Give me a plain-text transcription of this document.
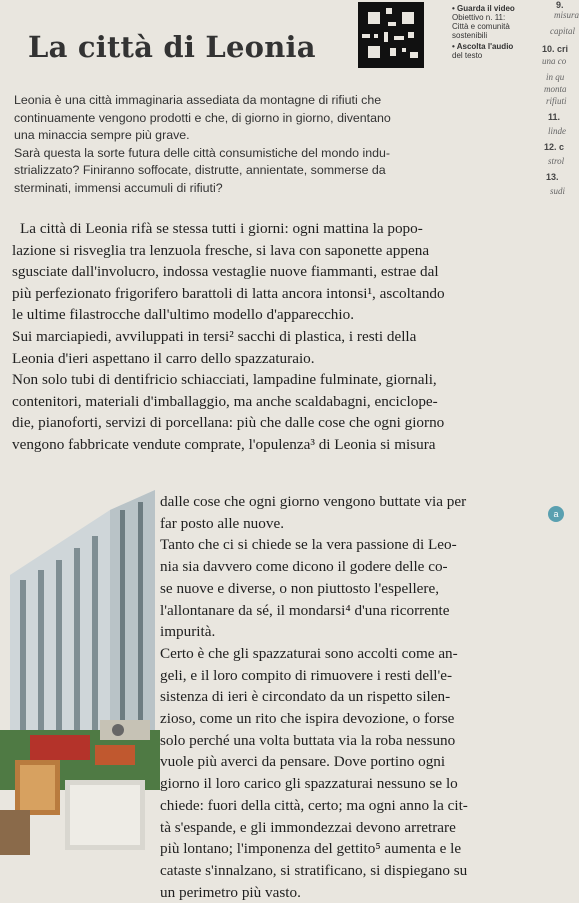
La città di Leonia
• Guarda il video
Obiettivo n. 11:
Città e comunità
sostenibili
• Ascolta l'audio
del testo
9.
misura
capital
10. cri
una co
in qu
monta
rifiuti
11.
linde
12. c
strol
13.
sudi

Leonia è una città immaginaria assediata da montagne di rifiuti che

continuamente vengono prodotti e che, di giorno in giorno, diventano

una minaccia sempre più grave.

Sarà questa la sorte futura delle città consumistiche del mondo indu-

strializzato? Finiranno soffocate, distrutte, annientate, sommerse da

sterminati, immensi accumuli di rifiuti?

La città di Leonia rifà se stessa tutti i giorni: ogni mattina la popo-
lazione si risveglia tra lenzuola fresche, si lava con saponette appena
sgusciate dall'involucro, indossa vestaglie nuove fiammanti, estrae dal
più perfezionato frigorifero barattoli di latta ancora intonsi¹, ascoltando
le ultime filastrocche dall'ultimo modello d'apparecchio.
Sui marciapiedi, avviluppati in tersi² sacchi di plastica, i resti della
Leonia d'ieri aspettano il carro dello spazzaturaio.
Non solo tubi di dentifricio schiacciati, lampadine fulminate, giornali,
contenitori, materiali d'imballaggio, ma anche scaldabagni, enciclope-
die, pianoforti, servizi di porcellana: più che dalle cose che ogni giorno
vengono fabbricate vendute comprate, l'opulenza³ di Leonia si misura
dalle cose che ogni giorno vengono buttate via per
far posto alle nuove.
Tanto che ci si chiede se la vera passione di Leo-
nia sia davvero come dicono il godere delle co-
se nuove e diverse, o non piuttosto l'espellere,
l'allontanare da sé, il mondarsi⁴ d'una ricorrente
impurità.
Certo è che gli spazzaturai sono accolti come an-
geli, e il loro compito di rimuovere i resti dell'e-
sistenza di ieri è circondato da un rispetto silen-
zioso, come un rito che ispira devozione, o forse
solo perché una volta buttata via la roba nessuno
vuole più averci da pensare. Dove portino ogni
giorno il loro carico gli spazzaturai nessuno se lo
chiede: fuori della città, certo; ma ogni anno la cit-
tà s'espande, e gli immondezzai devono arretrare
più lontano; l'imponenza del gettito⁵ aumenta e le
cataste s'innalzano, si stratificano, si dispiegano su
un perimetro più vasto.
a
